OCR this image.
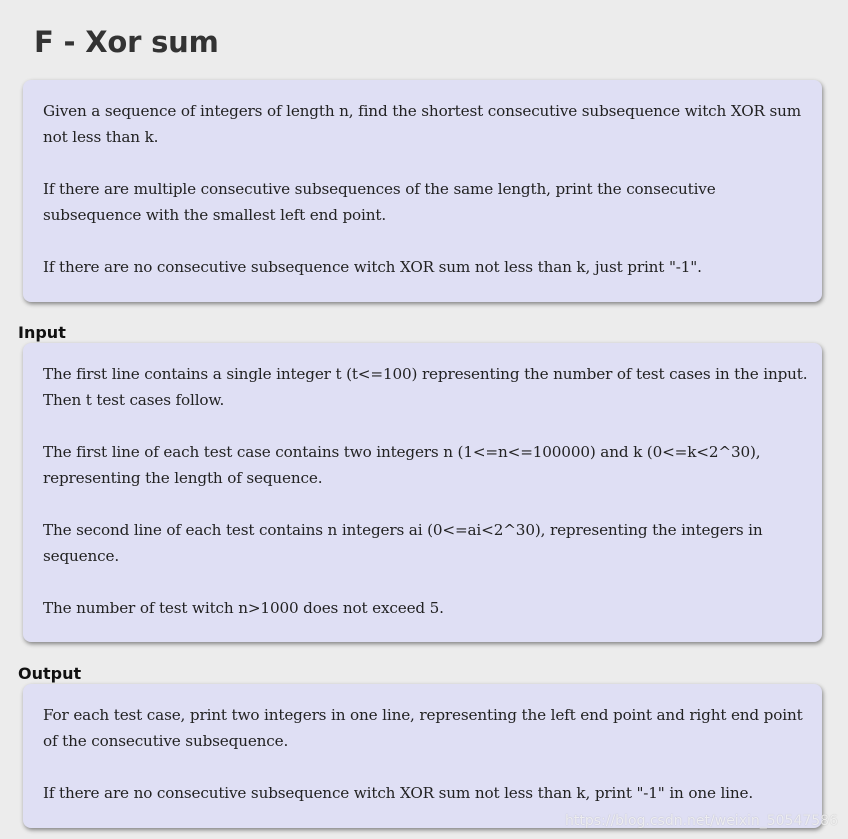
F - Xor sum

Given a sequence of integers of length n, find the shortest consecutive subsequence witch XOR sum not less than k.

If there are multiple consecutive subsequences of the same length, print the consecutive subsequence with the smallest left end point.

If there are no consecutive subsequence witch XOR sum not less than k, just print "-1".

Input

The first line contains a single integer t (t<=100) representing the number of test cases in the input. Then t test cases follow.

The first line of each test case contains two integers n (1<=n<=100000) and k (0<=k<2^30), representing the length of sequence.

The second line of each test contains n integers ai (0<=ai<2^30), representing the integers in sequence.

The number of test witch n>1000 does not exceed 5.

Output

For each test case, print two integers in one line, representing the left end point and right end point of the consecutive subsequence.

If there are no consecutive subsequence witch XOR sum not less than k, print "-1" in one line.

https://blog.csdn.net/weixin_50547586
